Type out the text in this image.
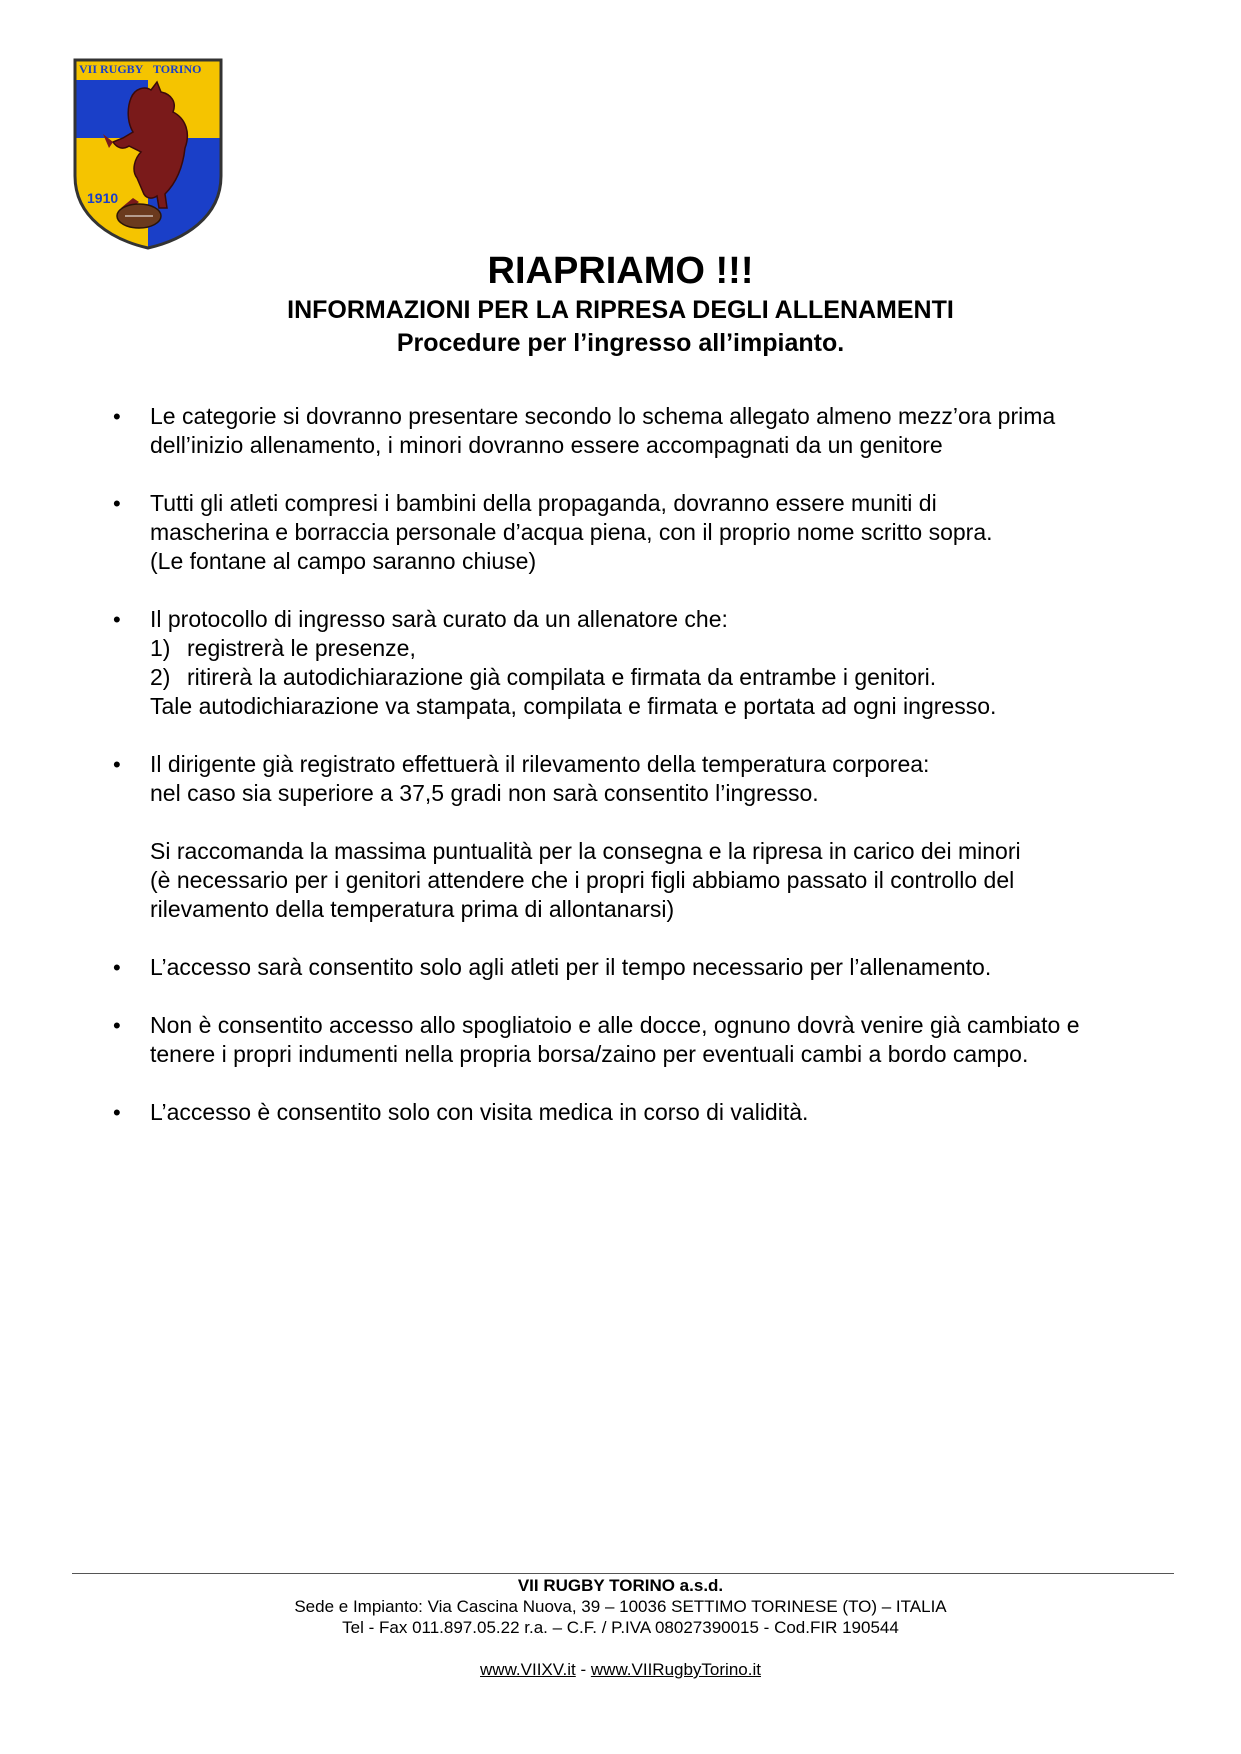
VII RUGBY TORINO
1910
RIAPRIAMO !!!
INFORMAZIONI PER LA RIPRESA DEGLI ALLENAMENTI
Procedure per l’ingresso all’impianto.
• Le categorie si dovranno presentare secondo lo schema allegato almeno mezz’ora prima

dell’inizio allenamento, i minori dovranno essere accompagnati da un genitore

• Tutti gli atleti compresi i bambini della propaganda, dovranno essere muniti di

mascherina e borraccia personale d’acqua piena, con il proprio nome scritto sopra.

(Le fontane al campo saranno chiuse)

• Il protocollo di ingresso sarà curato da un allenatore che:

1) registrerà le presenze,
2) ritirerà la autodichiarazione già compilata e firmata da entrambe i genitori.

Tale autodichiarazione va stampata, compilata e firmata e portata ad ogni ingresso.

• Il dirigente già registrato effettuerà il rilevamento della temperatura corporea:

nel caso sia superiore a 37,5 gradi non sarà consentito l’ingresso.

Si raccomanda la massima puntualità per la consegna e la ripresa in carico dei minori

(è necessario per i genitori attendere che i propri figli abbiamo passato il controllo del

rilevamento della temperatura prima di allontanarsi)

• L’accesso sarà consentito solo agli atleti per il tempo necessario per l’allenamento.

• Non è consentito accesso allo spogliatoio e alle docce, ognuno dovrà venire già cambiato e

tenere i propri indumenti nella propria borsa/zaino per eventuali cambi a bordo campo.

• L’accesso è consentito solo con visita medica in corso di validità.

VII RUGBY TORINO a.s.d.
Sede e Impianto: Via Cascina Nuova, 39 – 10036 SETTIMO TORINESE (TO) – ITALIA
Tel - Fax 011.897.05.22 r.a. – C.F. / P.IVA 08027390015 - Cod.FIR 190544
www.VIIXV.it - www.VIIRugbyTorino.it
